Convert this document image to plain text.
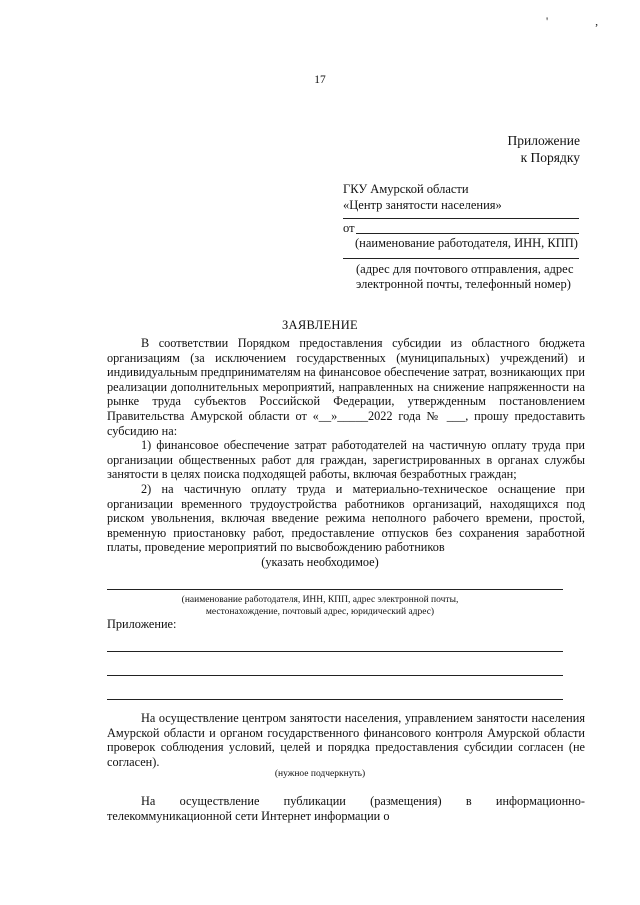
' ,
17
Приложение
к Порядку
ГКУ Амурской области
«Центр занятости населения»
от
(наименование работодателя, ИНН, КПП)
(адрес для почтового отправления, адрес электронной почты, телефонный номер)
ЗАЯВЛЕНИЕ

В соответствии Порядком предоставления субсидии из областного бюджета организациям (за исключением государственных (муниципальных) учреждений) и индивидуальным предпринимателям на финансовое обеспечение затрат, возникающих при реализации дополнительных мероприятий, направленных на снижение напряженности на рынке труда субъектов Российской Федерации, утвержденным постановлением Правительства Амурской области от «__»_____2022 года № ___, прошу предоставить субсидию на:

1) финансовое обеспечение затрат работодателей на частичную оплату труда при организации общественных работ для граждан, зарегистрированных в органах службы занятости в целях поиска подходящей работы, включая безработных граждан;

2) на частичную оплату труда и материально-техническое оснащение при организации временного трудоустройства работников организаций, находящихся под риском увольнения, включая введение режима неполного рабочего времени, простой, временную приостановку работ, предоставление отпусков без сохранения заработной платы, проведение мероприятий по высвобождению работников

(указать необходимое)
(наименование работодателя, ИНН, КПП, адрес электронной почты,
местонахождение, почтовый адрес, юридический адрес)
Приложение:

На осуществление центром занятости населения, управлением занятости населения Амурской области и органом государственного финансового контроля Амурской области проверок соблюдения условий, целей и порядка предоставления субсидии согласен (не согласен).

(нужное подчеркнуть)

На осуществление публикации (размещения) в информационно-

телекоммуникационной сети Интернет информации о
